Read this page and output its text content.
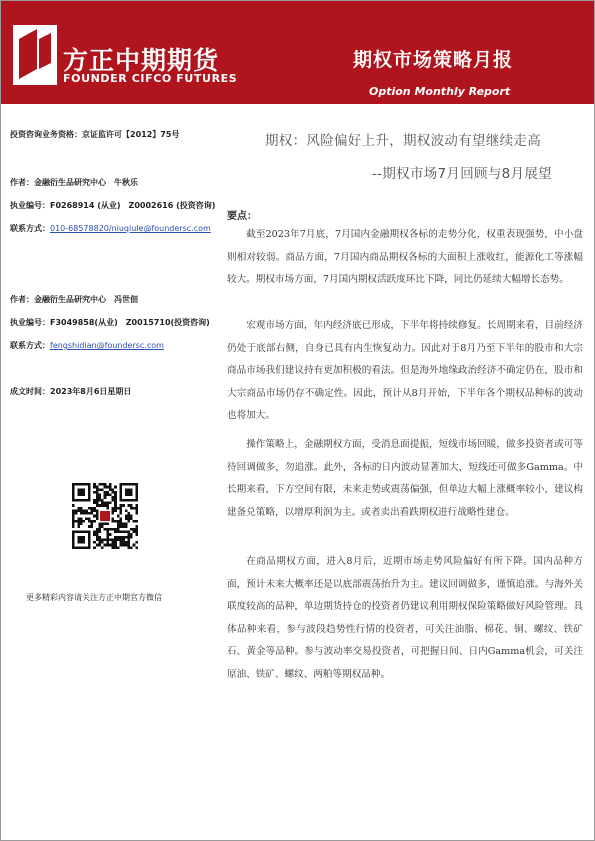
方正中期期货
FOUNDER CIFCO FUTURES
期权市场策略月报
Option Monthly Report
投资咨询业务资格：京证监许可【2012】75号
作者：金融衍生品研究中心　牛秋乐
执业编号：F0268914 (从业)　Z0002616 (投资咨询)
联系方式：010-68578820/niuqiule@foundersc.com
作者：金融衍生品研究中心　冯世佃
执业编号：F3049858(从业)　Z0015710(投资咨询)
联系方式：fengshidian@foundersc.com
成文时间：2023年8月6日星期日
更多精彩内容请关注方正中期官方微信
期权：风险偏好上升，期权波动有望继续走高
--期权市场7月回顾与8月展望
要点：

截至2023年7月底，7月国内金融期权各标的走势分化，权重表现强势，中小盘则相对较弱。商品方面，7月国内商品期权各标的大面积上涨收红，能源化工等涨幅较大。期权市场方面，7月国内期权活跃度环比下降，同比仍延续大幅增长态势。

宏观市场方面，年内经济底已形成，下半年将持续修复。长周期来看，目前经济仍处于底部右侧，自身已具有内生恢复动力。因此对于8月乃至下半年的股市和大宗商品市场我们建议持有更加积极的看法。但是海外地缘政治经济不确定仍在，股市和大宗商品市场仍存不确定性。因此，预计从8月开始，下半年各个期权品种标的波动也将加大。

操作策略上，金融期权方面，受消息面提振，短线市场回暖，做多投资者或可等待回调做多，勿追涨。此外，各标的日内波动显著加大，短线还可做多Gamma。中长期来看，下方空间有限，未来走势或震荡偏强，但单边大幅上涨概率较小，建议构建备兑策略，以增厚利润为主。或者卖出看跌期权进行战略性建仓。

在商品期权方面，进入8月后，近期市场走势风险偏好有所下降。国内品种方面，预计未来大概率还是以底部震荡抬升为主。建议回调做多，谨慎追涨。与海外关联度较高的品种，单边期货持仓的投资者仍建议利用期权保险策略做好风险管理。具体品种来看，参与波段趋势性行情的投资者，可关注油脂、棉花、铜、螺纹、铁矿石、黄金等品种。参与波动率交易投资者，可把握日间、日内Gamma机会，可关注原油、铁矿、螺纹、两粕等期权品种。
